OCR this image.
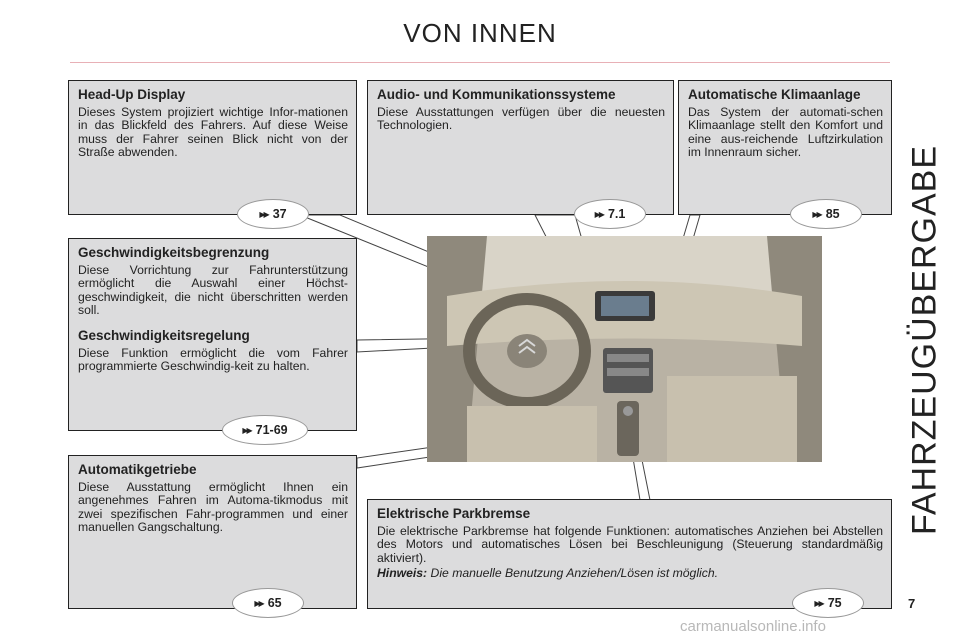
VON INNEN
Head-Up Display

Dieses System projiziert wichtige Infor-mationen in das Blickfeld des Fahrers. Auf diese Weise muss der Fahrer seinen Blick nicht von der Straße abwenden.

Audio- und Kommunikationssysteme

Diese Ausstattungen verfügen über die neuesten Technologien.

Automatische Klimaanlage

Das System der automati-schen Klimaanlage stellt den Komfort und eine aus-reichende Luftzirkulation im Innenraum sicher.

Geschwindigkeitsbegrenzung

Diese Vorrichtung zur Fahrunterstützung ermöglicht die Auswahl einer Höchst-geschwindigkeit, die nicht überschritten werden soll.

Geschwindigkeitsregelung

Diese Funktion ermöglicht die vom Fahrer programmierte Geschwindig-keit zu halten.

Automatikgetriebe

Diese Ausstattung ermöglicht Ihnen ein angenehmes Fahren im Automa-tikmodus mit zwei spezifischen Fahr-programmen und einer manuellen Gangschaltung.

Elektrische Parkbremse

Die elektrische Parkbremse hat folgende Funktionen: automatisches Anziehen bei Abstellen des Motors und automatisches Lösen bei Beschleunigung (Steuerung standardmäßig aktiviert).

Hinweis: Die manuelle Benutzung Anziehen/Lösen ist möglich.

▶▶ 37	▶▶ 7.1	▶▶ 85
▶▶ 71-69
▶▶ 65	▶▶ 75
FAHRZEUGÜBERGABE
7
carmanualsonline.info
